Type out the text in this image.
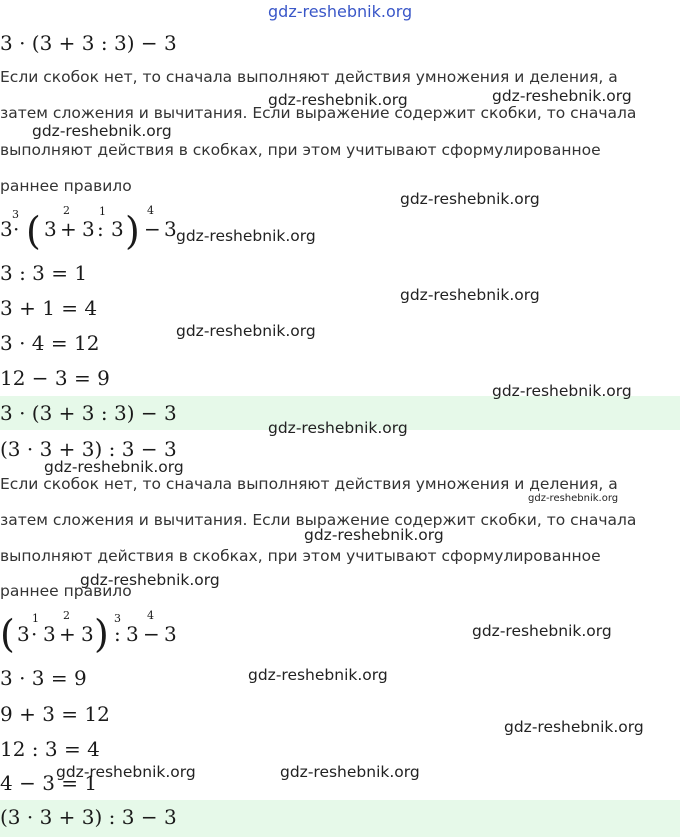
3 · (3 + 3 : 3) − 3
Если скобок нет, то сначала выполняют действия умножения и деления, а
затем сложения и вычитания. Если выражение содержит скобки, то сначала
выполняют действия в скобках, при этом учитывают сформулированное
раннее правило
3 ·
3 ( 3 +
2
3 :
1
3 ) −
4
3
3 : 3 = 1
3 + 1 = 4
3 · 4 = 12
12 − 3 = 9
3 · (3 + 3 : 3) − 3
(3 · 3 + 3) : 3 − 3
Если скобок нет, то сначала выполняют действия умножения и деления, а
затем сложения и вычитания. Если выражение содержит скобки, то сначала
выполняют действия в скобках, при этом учитывают сформулированное
раннее правило
( 3 ·
1
3 +
2
3 ) :
3
3 −
4
3
3 · 3 = 9
9 + 3 = 12
12 : 3 = 4
4 − 3 = 1
(3 · 3 + 3) : 3 − 3
gdz-reshebnik.org
gdz-reshebnik.org	gdz-reshebnik.org
gdz-reshebnik.org
gdz-reshebnik.org
gdz-reshebnik.org
gdz-reshebnik.org
gdz-reshebnik.org
gdz-reshebnik.org
gdz-reshebnik.org
gdz-reshebnik.org
gdz-reshebnik.org
gdz-reshebnik.org
gdz-reshebnik.org
gdz-reshebnik.org
gdz-reshebnik.org
gdz-reshebnik.org
gdz-reshebnik.org	gdz-reshebnik.org
